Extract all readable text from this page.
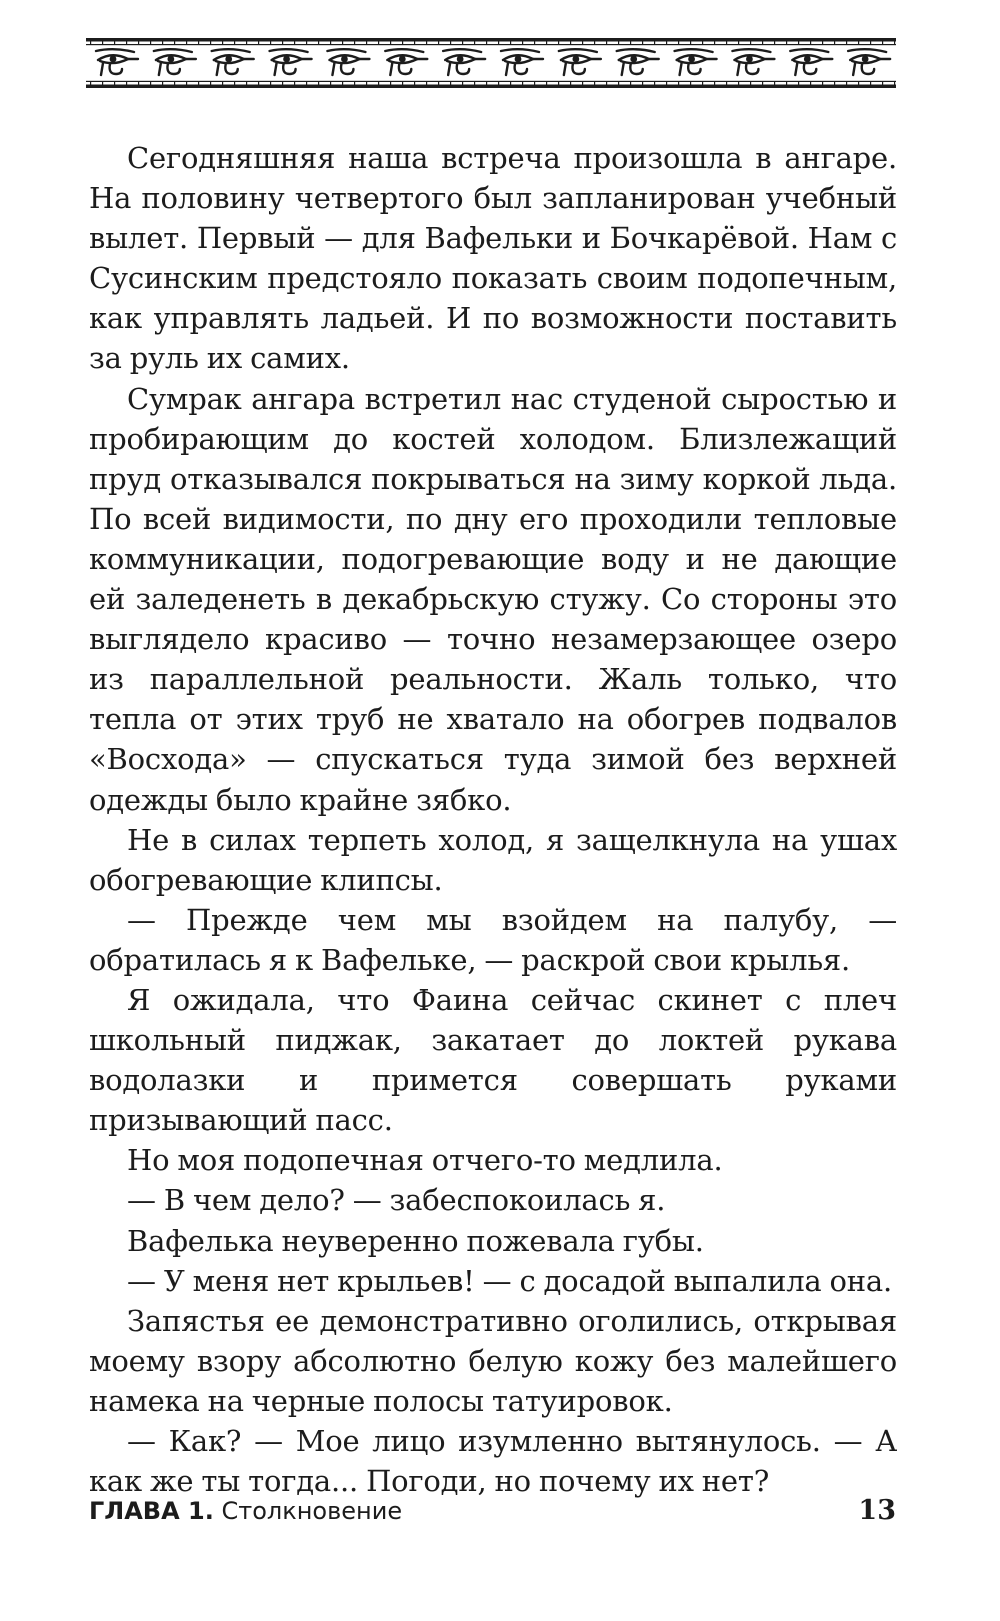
Сегодняшняя наша встреча произошла в ангаре. На половину четвертого был запланирован учебный вылет. Первый — для Вафельки и Бочкарёвой. Нам с Сусинским предстояло показать своим подопечным, как управлять ладьей. И по возможности поставить за руль их самих.

Сумрак ангара встретил нас студеной сыростью и пробирающим до костей холодом. Близлежащий пруд отказывался покрываться на зиму коркой льда. По всей видимости, по дну его проходили тепловые коммуникации, подогревающие воду и не дающие ей заледенеть в декабрьскую стужу. Со стороны это выглядело красиво — точно незамерзающее озеро из параллельной реальности. Жаль только, что тепла от этих труб не хватало на обогрев подвалов «Восхода» — спускаться туда зимой без верхней одежды было крайне зябко.

Не в силах терпеть холод, я защелкнула на ушах обогревающие клипсы.

— Прежде чем мы взойдем на палубу, — обратилась я к Вафельке, — раскрой свои крылья.

Я ожидала, что Фаина сейчас скинет с плеч школьный пиджак, закатает до локтей рукава водолазки и примется совершать руками призывающий пасс.

Но моя подопечная отчего-то медлила.

— В чем дело? — забеспокоилась я.

Вафелька неуверенно пожевала губы.

— У меня нет крыльев! — с досадой выпалила она.

Запястья ее демонстративно оголились, открывая моему взору абсолютно белую кожу без малейшего намека на черные полосы татуировок.

— Как? — Мое лицо изумленно вытянулось. — А как же ты тогда... Погоди, но почему их нет?

ГЛАВА 1. Столкновение	13
